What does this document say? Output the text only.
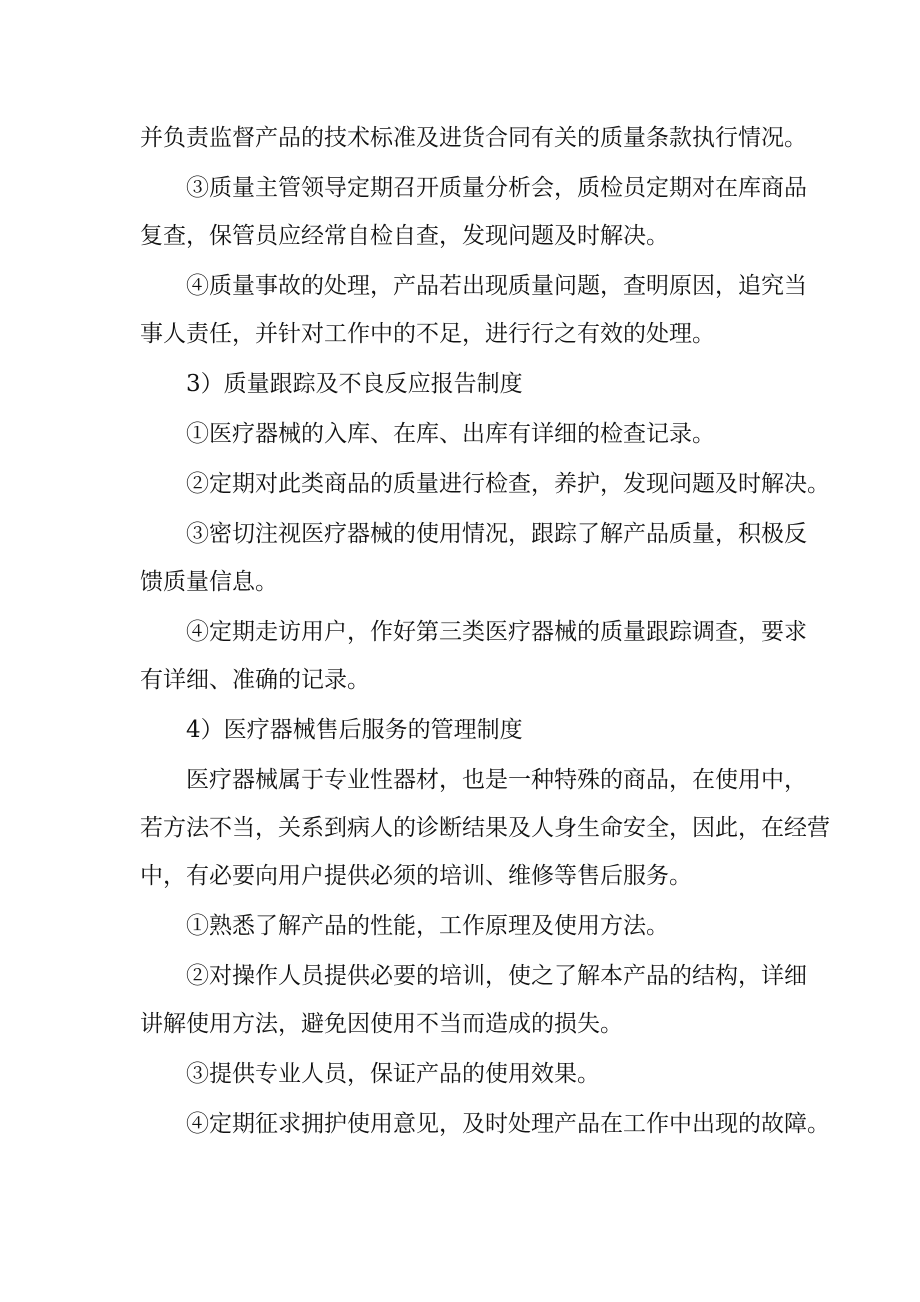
并负责监督产品的技术标准及进货合同有关的质量条款执行情况。

③质量主管领导定期召开质量分析会，质检员定期对在库商品
复查，保管员应经常自检自查，发现问题及时解决。

④质量事故的处理，产品若出现质量问题，查明原因，追究当
事人责任，并针对工作中的不足，进行行之有效的处理。

3）质量跟踪及不良反应报告制度

①医疗器械的入库、在库、出库有详细的检查记录。

②定期对此类商品的质量进行检查，养护，发现问题及时解决。

③密切注视医疗器械的使用情况，跟踪了解产品质量，积极反
馈质量信息。

④定期走访用户，作好第三类医疗器械的质量跟踪调查，要求
有详细、准确的记录。

4）医疗器械售后服务的管理制度

医疗器械属于专业性器材，也是一种特殊的商品，在使用中，
若方法不当，关系到病人的诊断结果及人身生命安全，因此，在经营
中，有必要向用户提供必须的培训、维修等售后服务。

①熟悉了解产品的性能，工作原理及使用方法。

②对操作人员提供必要的培训，使之了解本产品的结构，详细
讲解使用方法，避免因使用不当而造成的损失。

③提供专业人员，保证产品的使用效果。

④定期征求拥护使用意见，及时处理产品在工作中出现的故障。
